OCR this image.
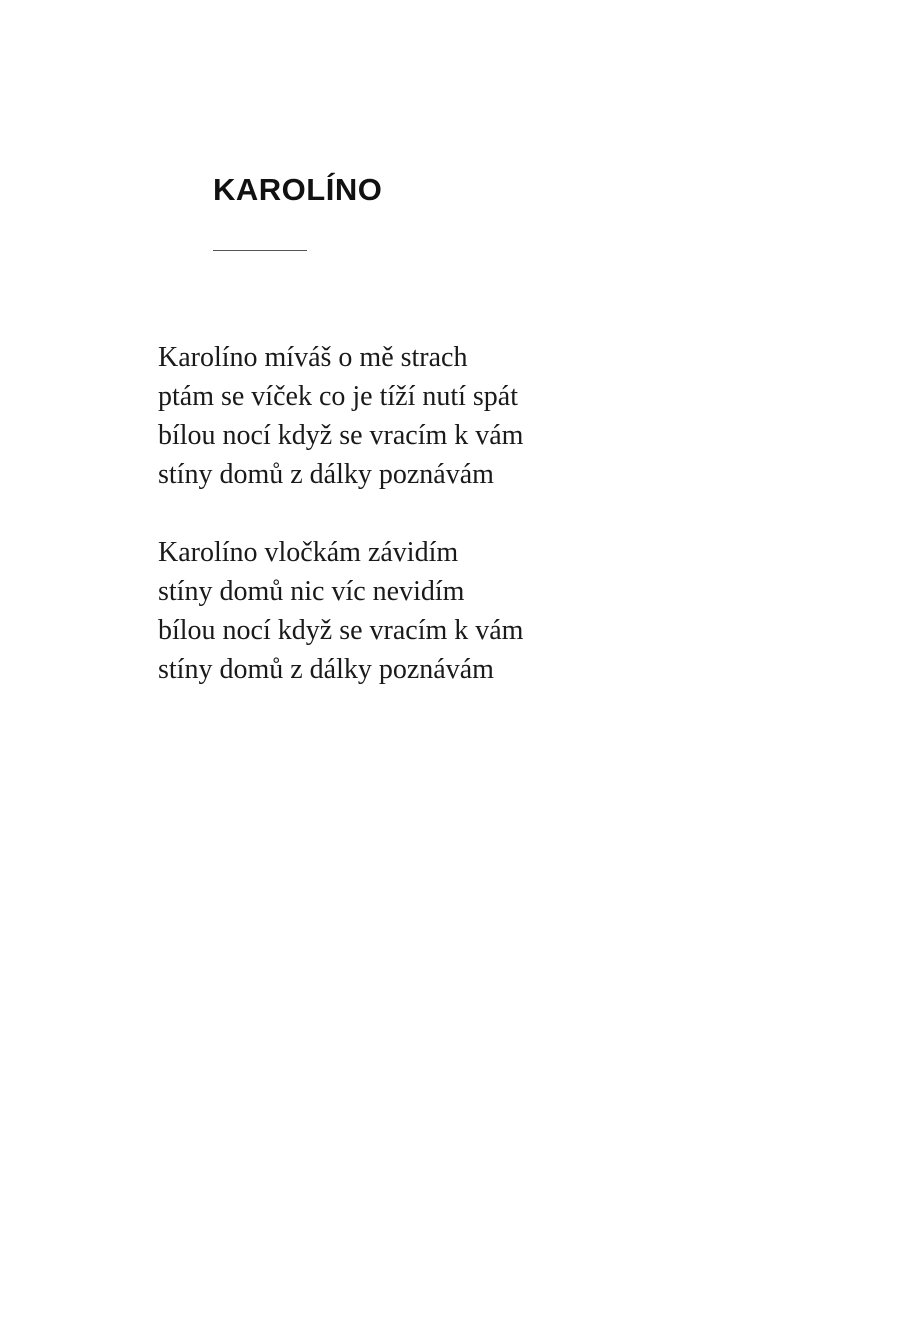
KAROLÍNO

Karolíno míváš o mě strach
ptám se víček co je tíží nutí spát
bílou nocí když se vracím k vám
stíny domů z dálky poznávám

Karolíno vločkám závidím
stíny domů nic víc nevidím
bílou nocí když se vracím k vám
stíny domů z dálky poznávám
